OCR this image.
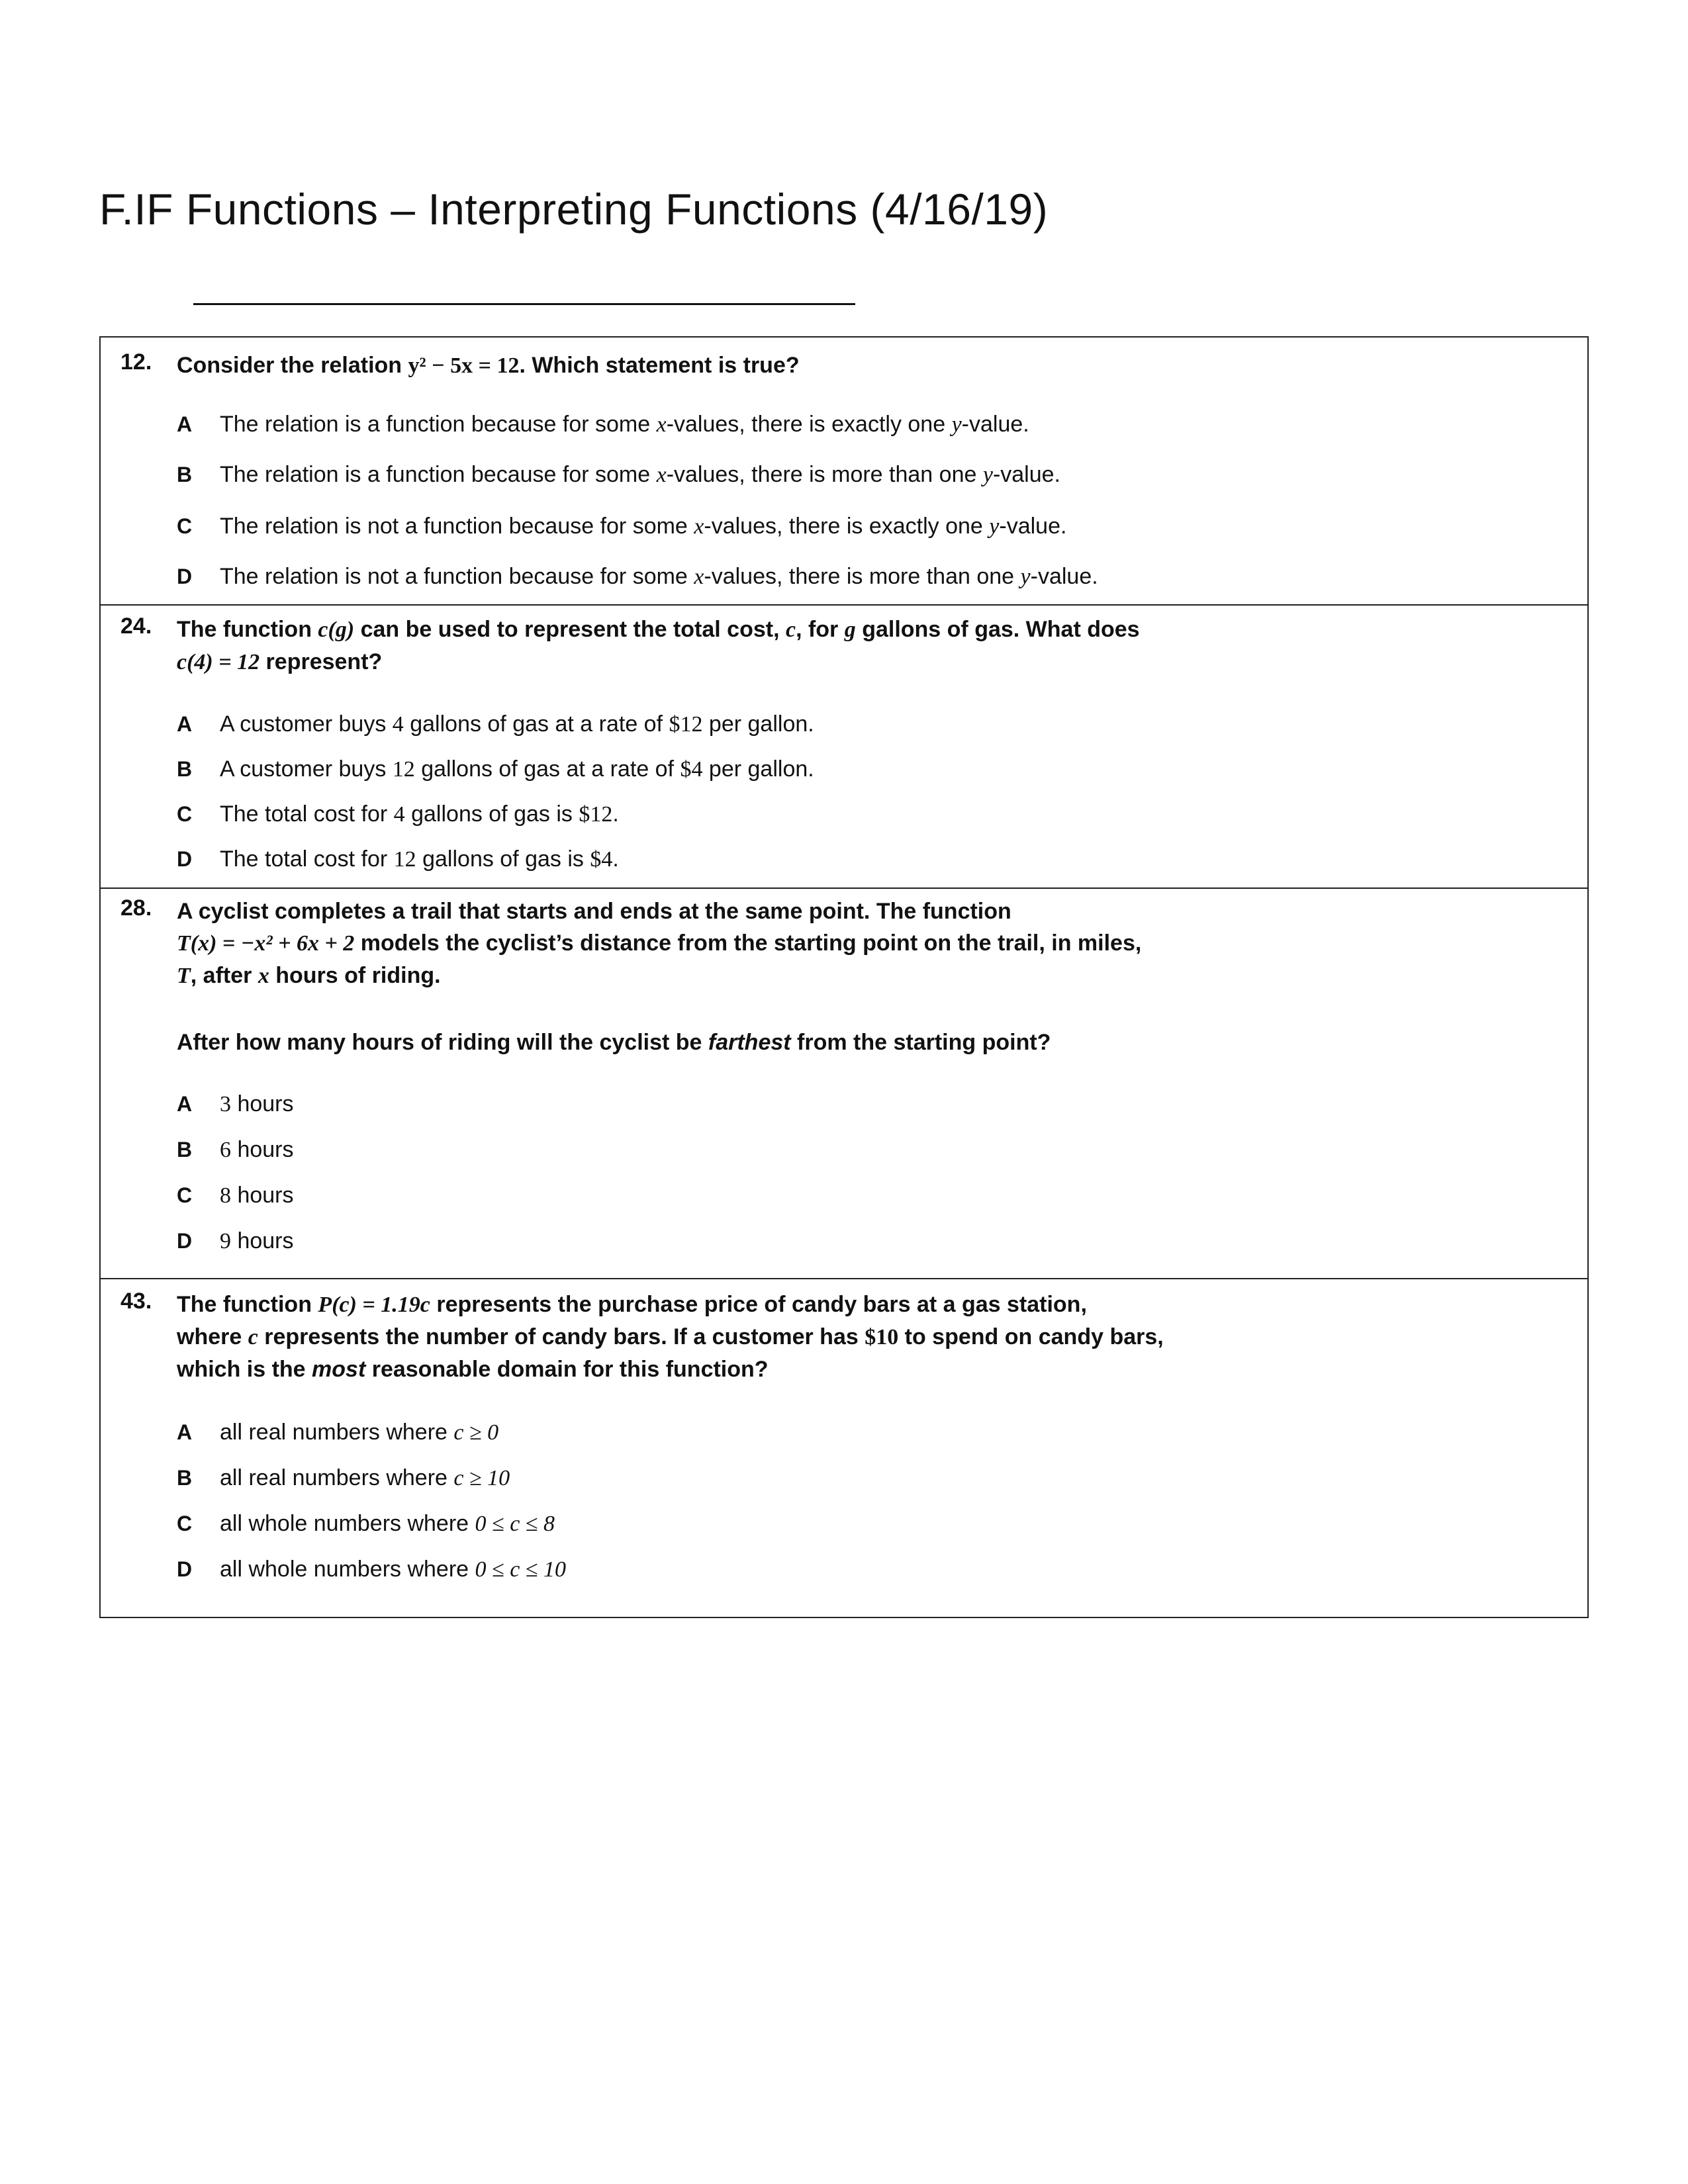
F.IF Functions – Interpreting Functions (4/16/19)
12. Consider the relation y² − 5x = 12. Which statement is true?
A The relation is a function because for some x-values, there is exactly one y-value.
B The relation is a function because for some x-values, there is more than one y-value.
C The relation is not a function because for some x-values, there is exactly one y-value.
D The relation is not a function because for some x-values, there is more than one y-value.
24. The function c(g) can be used to represent the total cost, c, for g gallons of gas. What does
c(4) = 12 represent?
A A customer buys 4 gallons of gas at a rate of $12 per gallon.
B A customer buys 12 gallons of gas at a rate of $4 per gallon.
C The total cost for 4 gallons of gas is $12.
D The total cost for 12 gallons of gas is $4.
28. A cyclist completes a trail that starts and ends at the same point. The function
T(x) = −x² + 6x + 2 models the cyclist’s distance from the starting point on the trail, in miles,
T, after x hours of riding.
After how many hours of riding will the cyclist be farthest from the starting point?
A 3 hours
B 6 hours
C 8 hours
D 9 hours
43. The function P(c) = 1.19c represents the purchase price of candy bars at a gas station,
where c represents the number of candy bars. If a customer has $10 to spend on candy bars,
which is the most reasonable domain for this function?
A all real numbers where c ≥ 0
B all real numbers where c ≥ 10
C all whole numbers where 0 ≤ c ≤ 8
D all whole numbers where 0 ≤ c ≤ 10
